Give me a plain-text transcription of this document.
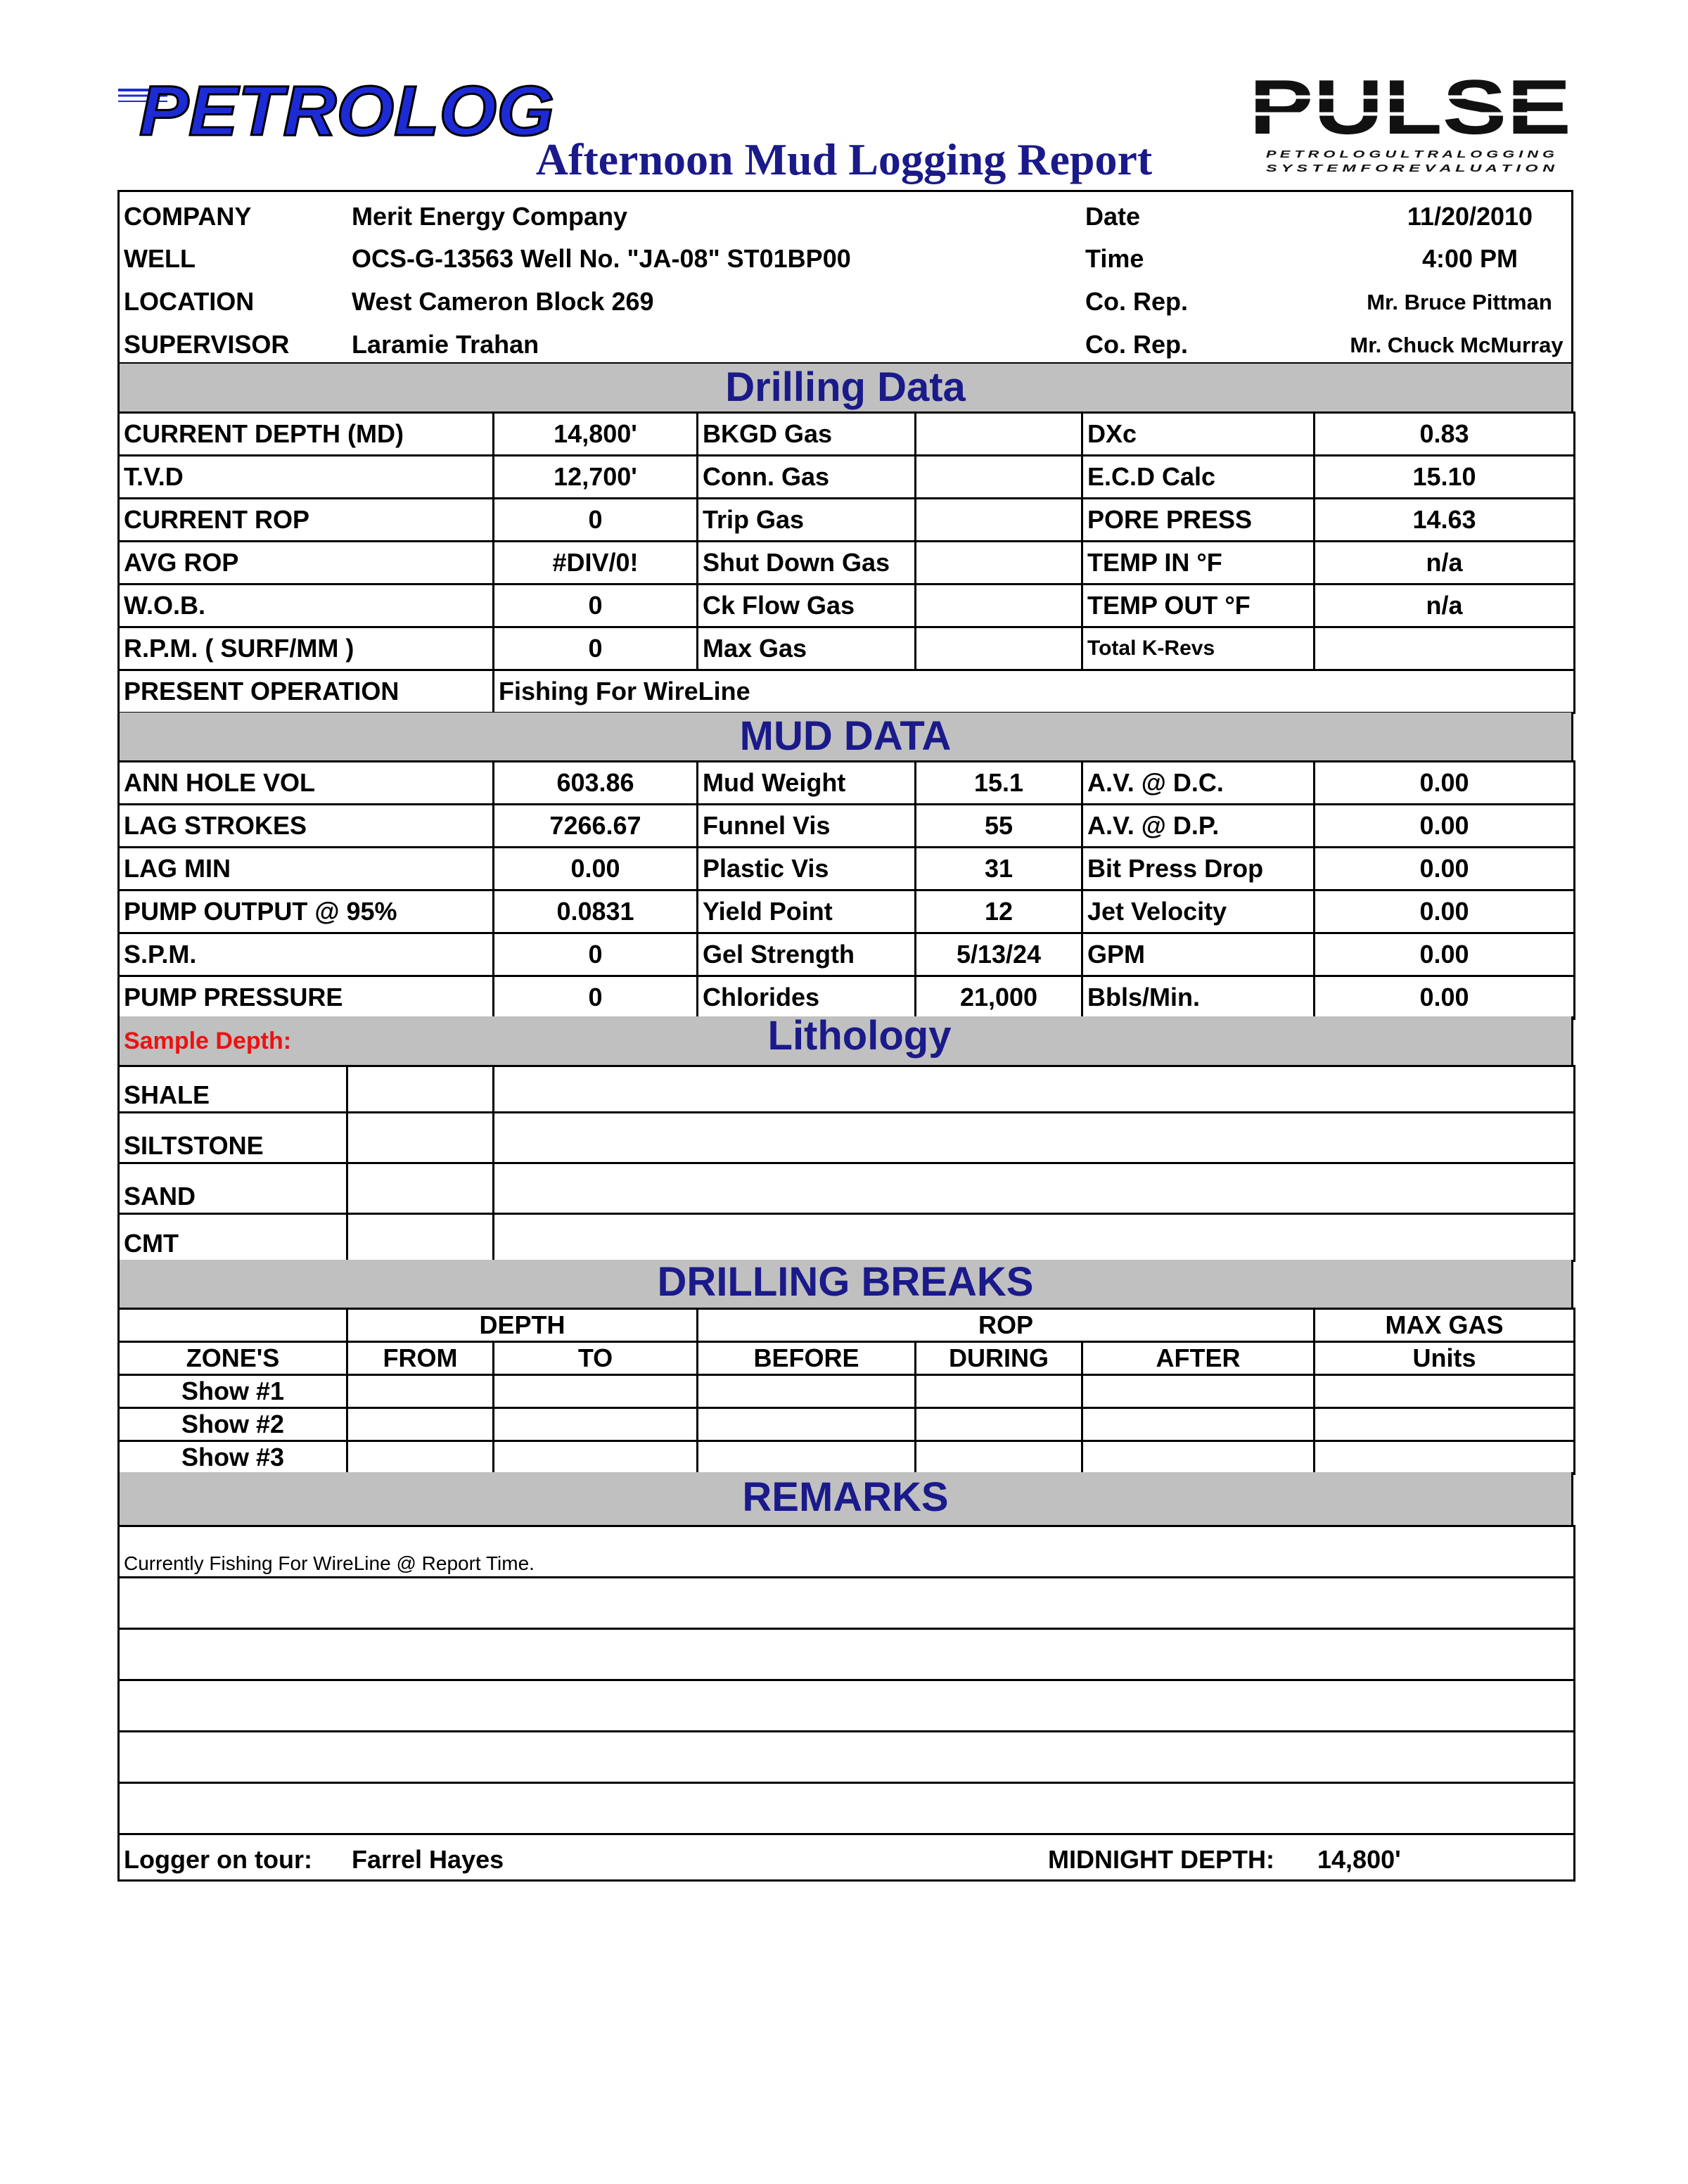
PETROLOG	PULSE
P E T R O L O G U L T R A L O G G I N G
S Y S T E M F O R E V A L U A T I O N
Afternoon Mud Logging Report
COMPANY	Merit Energy Company	Date	11/20/2010
WELL	OCS-G-13563 Well No. "JA-08" ST01BP00	Time	4:00 PM
LOCATION	West Cameron Block 269	Co. Rep.	Mr. Bruce Pittman
SUPERVISOR Laramie Trahan	Co. Rep.	Mr. Chuck McMurray
Drilling Data
CURRENT DEPTH (MD)	14,800'	BKGD Gas		DXc	0.83
T.V.D	12,700'	Conn. Gas		E.C.D Calc	15.10
CURRENT ROP	0	Trip Gas		PORE PRESS	14.63
AVG ROP	#DIV/0!	Shut Down Gas		TEMP IN °F	n/a
W.O.B.	0	Ck Flow Gas		TEMP OUT °F	n/a
R.P.M. ( SURF/MM )	0	Max Gas		Total K-Revs	
PRESENT OPERATION	Fishing For WireLine				
MUD DATA
ANN HOLE VOL	603.86	Mud Weight	15.1	A.V. @ D.C.	0.00
LAG STROKES	7266.67	Funnel Vis	55	A.V. @ D.P.	0.00
LAG MIN	0.00	Plastic Vis	31	Bit Press Drop	0.00
PUMP OUTPUT @ 95%	0.0831	Yield Point	12	Jet Velocity	0.00
S.P.M.	0	Gel Strength	5/13/24	GPM	0.00
PUMP PRESSURE	0	Chlorides	21,000	Bbls/Min.	0.00
Sample Depth:	Lithology
SHALE		
SILTSTONE		
SAND		
CMT		
DRILLING BREAKS
	DEPTH		ROP			MAX GAS
ZONE'S	FROM	TO	BEFORE	DURING	AFTER	Units
Show #1						
Show #2						
Show #3						
REMARKS
Currently Fishing For WireLine @ Report Time.

Logger on tour: Farrel Hayes	MIDNIGHT DEPTH: 14,800'
